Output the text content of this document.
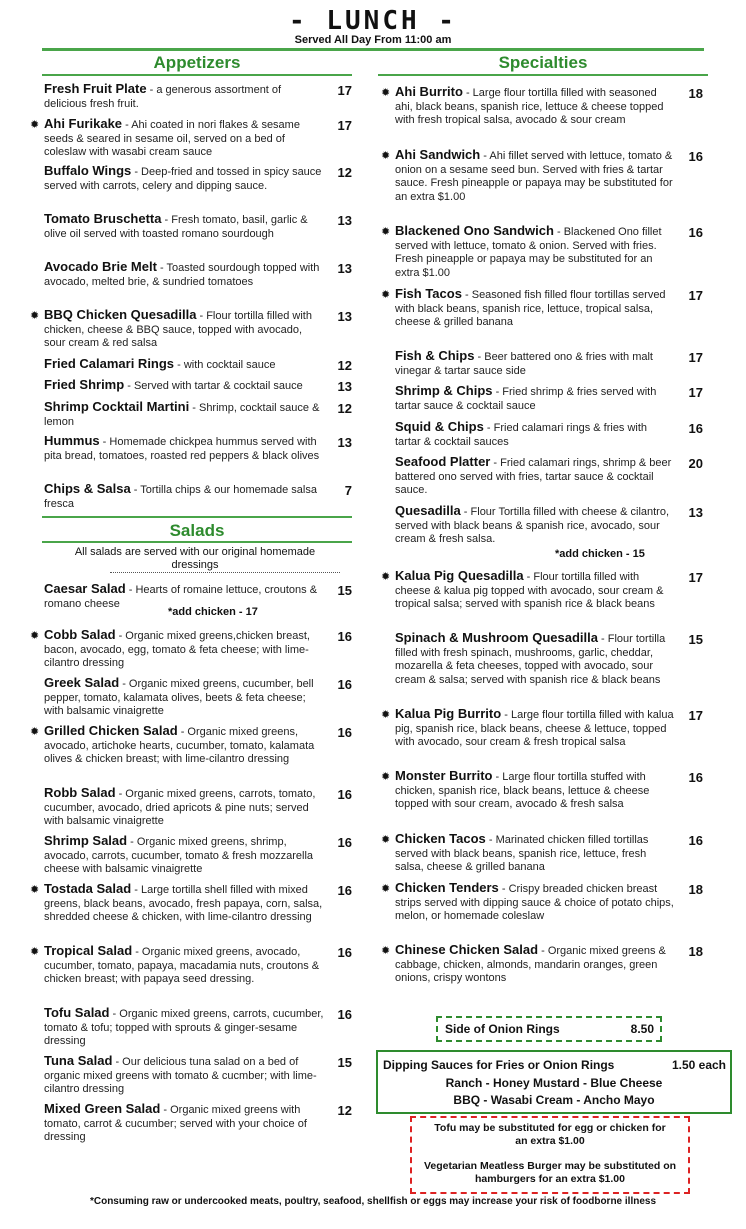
- LUNCH -
Served All Day From 11:00 am
Appetizers
Fresh Fruit Plate - a generous assortment of delicious fresh fruit.
17
Ahi Furikake - Ahi coated in nori flakes & sesame seeds & seared in sesame oil, served on a bed of coleslaw with wasabi cream sauce
17
✹
Buffalo Wings - Deep-fried and tossed in spicy sauce served with carrots, celery and dipping sauce.
12
Tomato Bruschetta - Fresh tomato, basil, garlic & olive oil served with toasted romano sourdough
13
Avocado Brie Melt - Toasted sourdough topped with avocado, melted brie, & sundried tomatoes
13
BBQ Chicken Quesadilla - Flour tortilla filled with chicken, cheese & BBQ sauce, topped with avocado, sour cream & red salsa
13
✹
Fried Calamari Rings - with cocktail sauce	12
Fried Shrimp - Served with tartar & cocktail sauce	13
Shrimp Cocktail Martini - Shrimp, cocktail sauce & lemon
12
Hummus - Homemade chickpea hummus served with pita bread, tomatoes, roasted red peppers & black olives
13
Chips & Salsa - Tortilla chips & our homemade salsa fresca
7
Salads
All salads are served with our original homemade dressings
Caesar Salad - Hearts of romaine lettuce, croutons & romano cheese
15
*add chicken - 17
Cobb Salad - Organic mixed greens,chicken breast, bacon, avocado, egg, tomato & feta cheese; with lime-cilantro dressing
16
✹
Greek Salad - Organic mixed greens, cucumber, bell pepper, tomato, kalamata olives, beets & feta cheese; with balsamic vinaigrette
16
Grilled Chicken Salad - Organic mixed greens, avocado, artichoke hearts, cucumber, tomato, kalamata olives & chicken breast; with lime-cilantro dressing
16
✹
Robb Salad - Organic mixed greens, carrots, tomato, cucumber, avocado, dried apricots & pine nuts; served with balsamic vinaigrette
16
Shrimp Salad - Organic mixed greens, shrimp, avocado, carrots, cucumber, tomato & fresh mozzarella cheese with balsamic vinaigrette
16
Tostada Salad - Large tortilla shell filled with mixed greens, black beans, avocado, fresh papaya, corn, salsa, shredded cheese & chicken, with lime-cilantro dressing
16
✹
Tropical Salad - Organic mixed greens, avocado, cucumber, tomato, papaya, macadamia nuts, croutons & chicken breast; with papaya seed dressing.
16
✹
Tofu Salad - Organic mixed greens, carrots, cucumber, tomato & tofu; topped with sprouts & ginger-sesame dressing
16
Tuna Salad - Our delicious tuna salad on a bed of organic mixed greens with tomato & cucmber; with lime-cilantro dressing
15
Mixed Green Salad - Organic mixed greens with tomato, carrot & cucumber; served with your choice of dressing
12
Specialties
Ahi Burrito - Large flour tortilla filled with seasoned ahi, black beans, spanish rice, lettuce & cheese topped with fresh tropical salsa, avocado & sour cream
18
✹
Ahi Sandwich - Ahi fillet served with lettuce, tomato & onion on a sesame seed bun. Served with fries & tartar sauce. Fresh pineapple or papaya may be substituted for an extra $1.00
16
✹
Blackened Ono Sandwich - Blackened Ono fillet served with lettuce, tomato & onion. Served with fries. Fresh pineapple or papaya may be substituted for an extra $1.00
16
✹
Fish Tacos - Seasoned fish filled flour tortillas served with black beans, spanish rice, lettuce, tropical salsa, cheese & grilled banana
17
✹
Fish & Chips - Beer battered ono & fries with malt vinegar & tartar sauce side
17
Shrimp & Chips - Fried shrimp & fries served with tartar sauce & cocktail sauce
17
Squid & Chips - Fried calamari rings & fries with tartar & cocktail sauces
16
Seafood Platter - Fried calamari rings, shrimp & beer battered ono served with fries, tartar sauce & cocktail sauce.
20
Quesadilla - Flour Tortilla filled with cheese & cilantro, served with black beans & spanish rice, avocado, sour cream & fresh salsa.
13
*add chicken - 15
Kalua Pig Quesadilla - Flour tortilla filled with cheese & kalua pig topped with avocado, sour cream & tropical salsa; served with spanish rice & black beans
17
✹
Spinach & Mushroom Quesadilla - Flour tortilla filled with fresh spinach, mushrooms, garlic, cheddar, mozarella & feta cheeses, topped with avocado, sour cream & salsa; served with spanish rice & black beans
15
Kalua Pig Burrito - Large flour tortilla filled with kalua pig, spanish rice, black beans, cheese & lettuce, topped with avocado, sour cream & fresh tropical salsa
17
✹
Monster Burrito - Large flour tortilla stuffed with chicken, spanish rice, black beans, lettuce & cheese topped with sour cream, avocado & fresh salsa
16
✹
Chicken Tacos - Marinated chicken filled tortillas served with black beans, spanish rice, lettuce, fresh salsa, cheese & grilled banana
16
✹
Chicken Tenders - Crispy breaded chicken breast strips served with dipping sauce & choice of potato chips, melon, or homemade coleslaw
18
✹
Chinese Chicken Salad - Organic mixed greens & cabbage, chicken, almonds, mandarin oranges, green onions, crispy wontons
18
✹
Side of Onion Rings	8.50
Dipping Sauces for Fries or Onion Rings	1.50 each
Ranch - Honey Mustard - Blue Cheese
BBQ - Wasabi Cream - Ancho Mayo
Tofu may be substituted for egg or chicken for an extra $1.00
Vegetarian Meatless Burger may be substituted on hamburgers for an extra $1.00
*Consuming raw or undercooked meats, poultry, seafood, shellfish or eggs may increase your risk of foodborne illness
